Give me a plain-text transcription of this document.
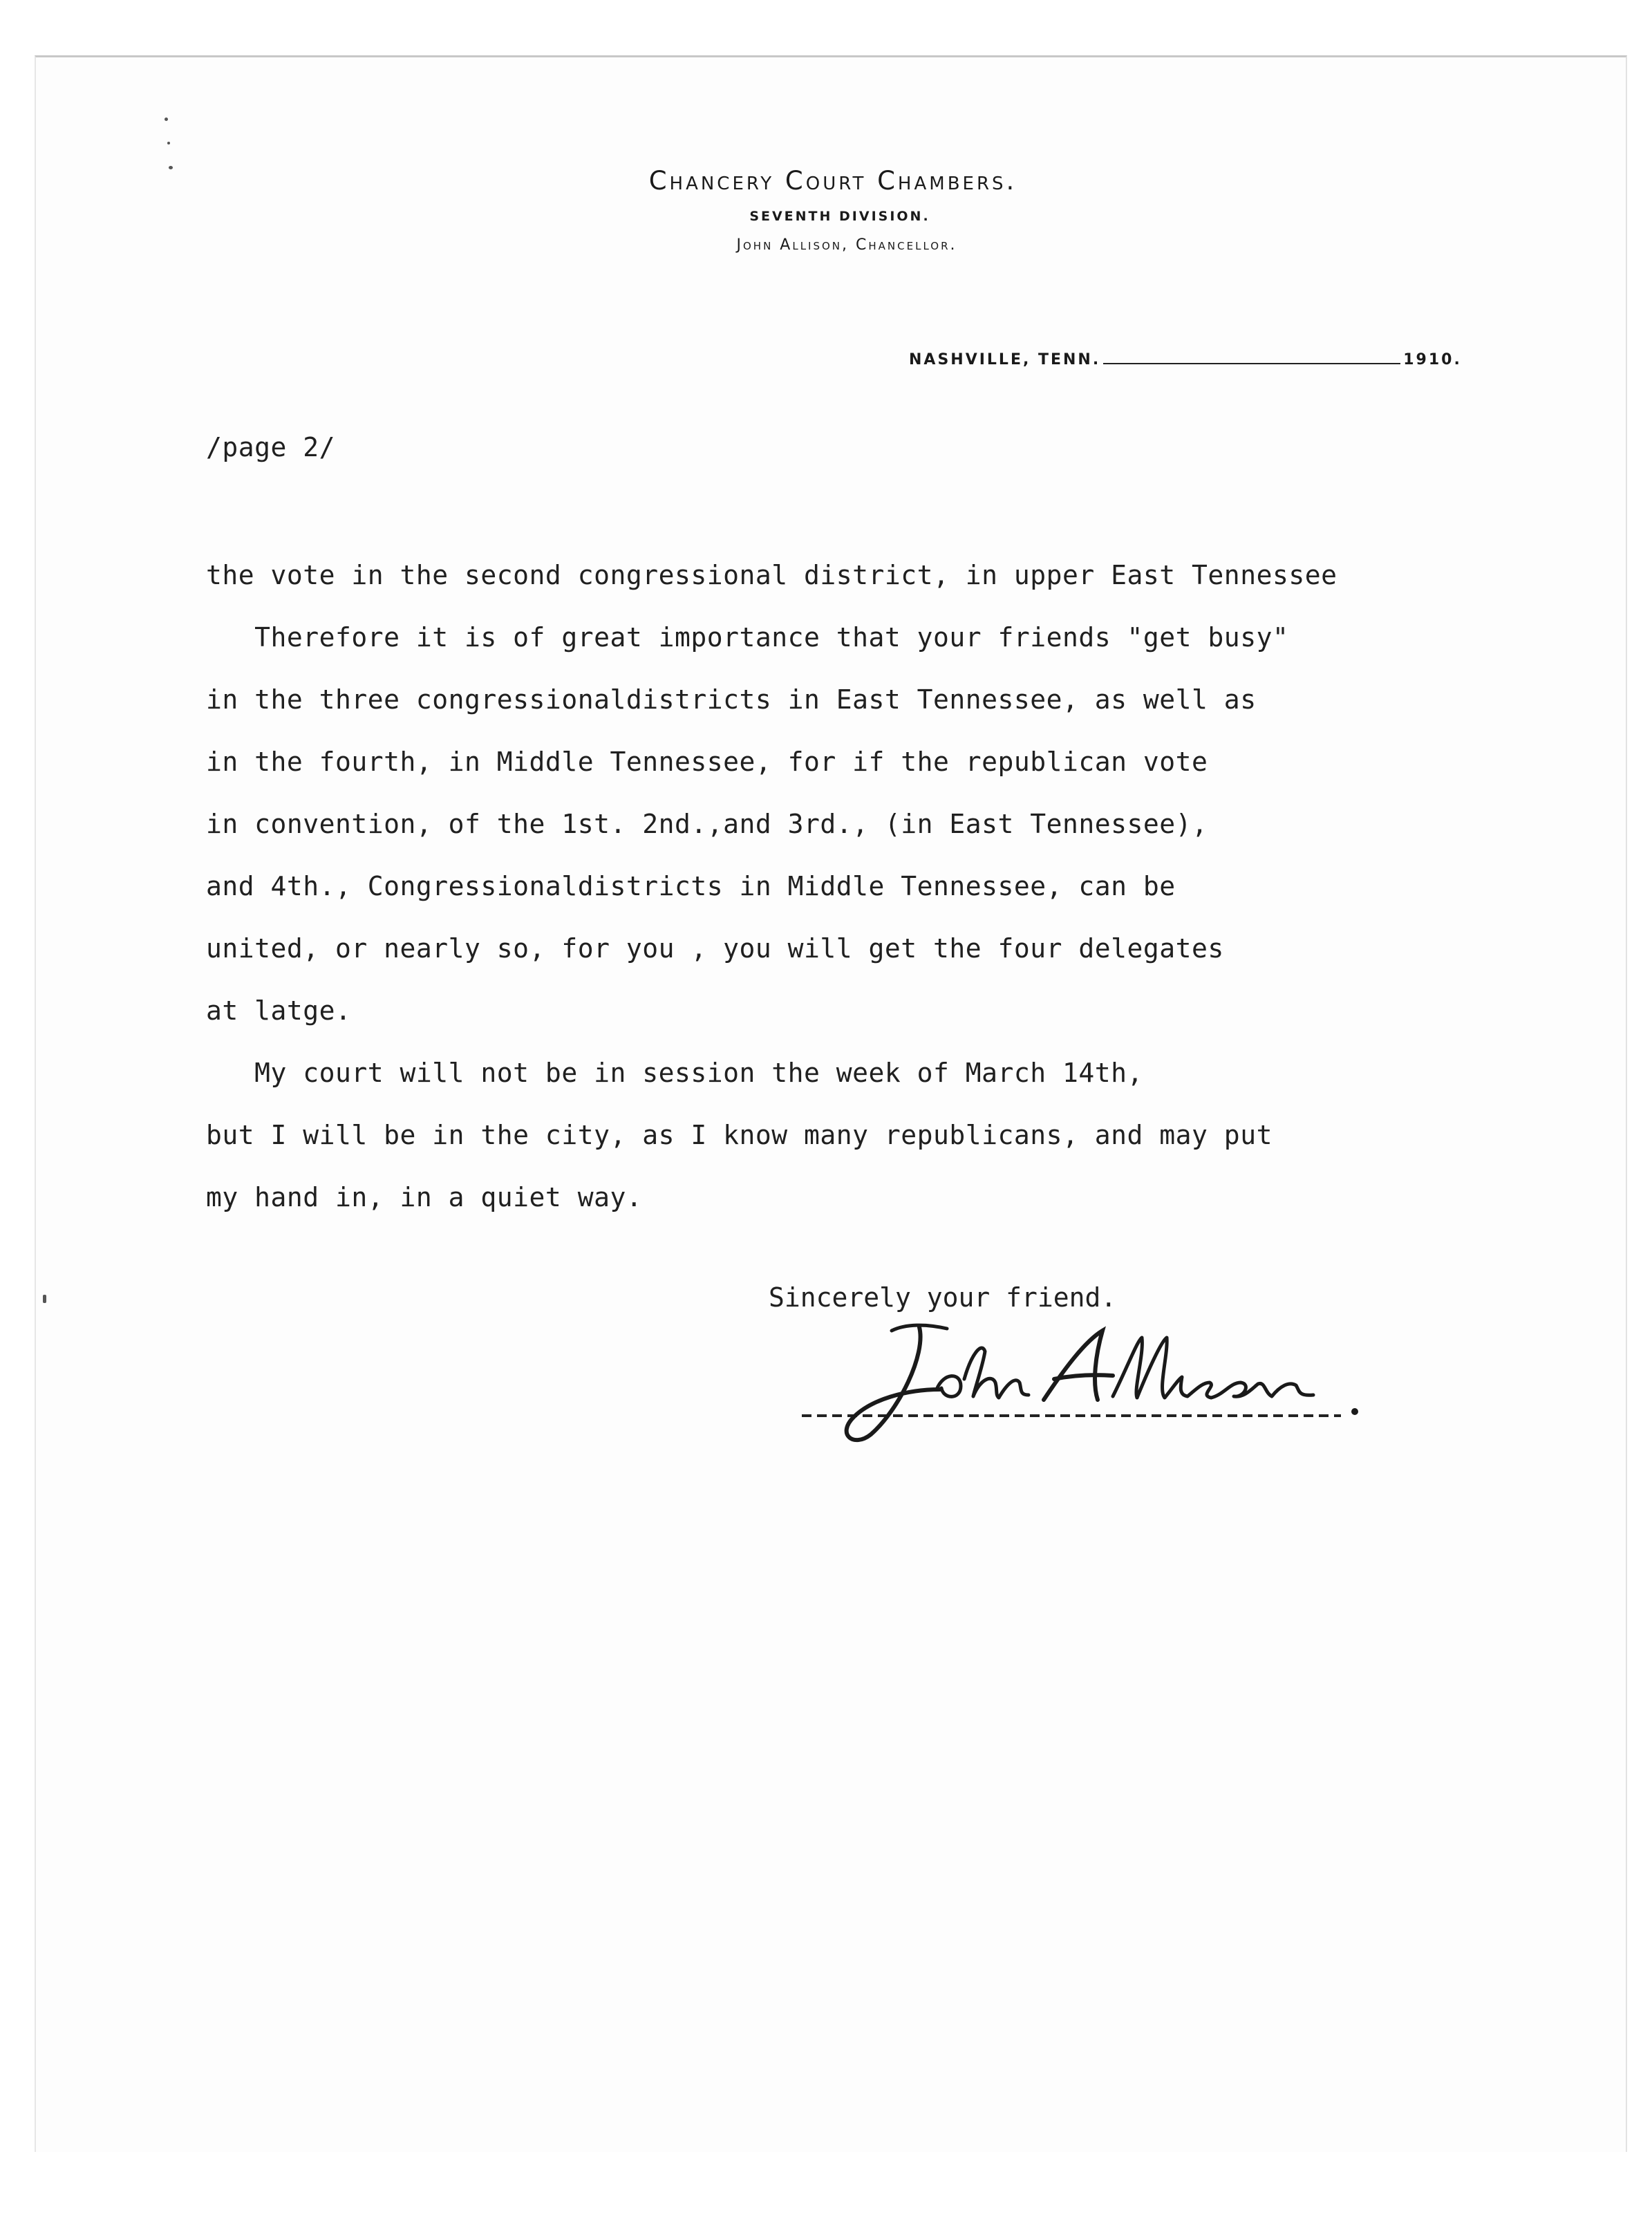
Chancery Court Chambers.
SEVENTH DIVISION.
John Allison, Chancellor.
NASHVILLE, TENN.	1910.
/page 2/
the vote in the second congressional district, in upper East Tennessee
Therefore it is of great importance that your friends "get busy"
in the three congressionaldistricts in East Tennessee, as well as
in the fourth, in Middle Tennessee, for if the republican vote
in convention, of the 1st. 2nd.,and 3rd., (in East Tennessee),
and 4th., Congressionaldistricts in Middle Tennessee, can be
united, or nearly so, for you , you will get the four delegates
at latge.
My court will not be in session the week of March 14th,
but I will be in the city, as I know many republicans, and may put
my hand in, in a quiet way.
Sincerely your friend.
